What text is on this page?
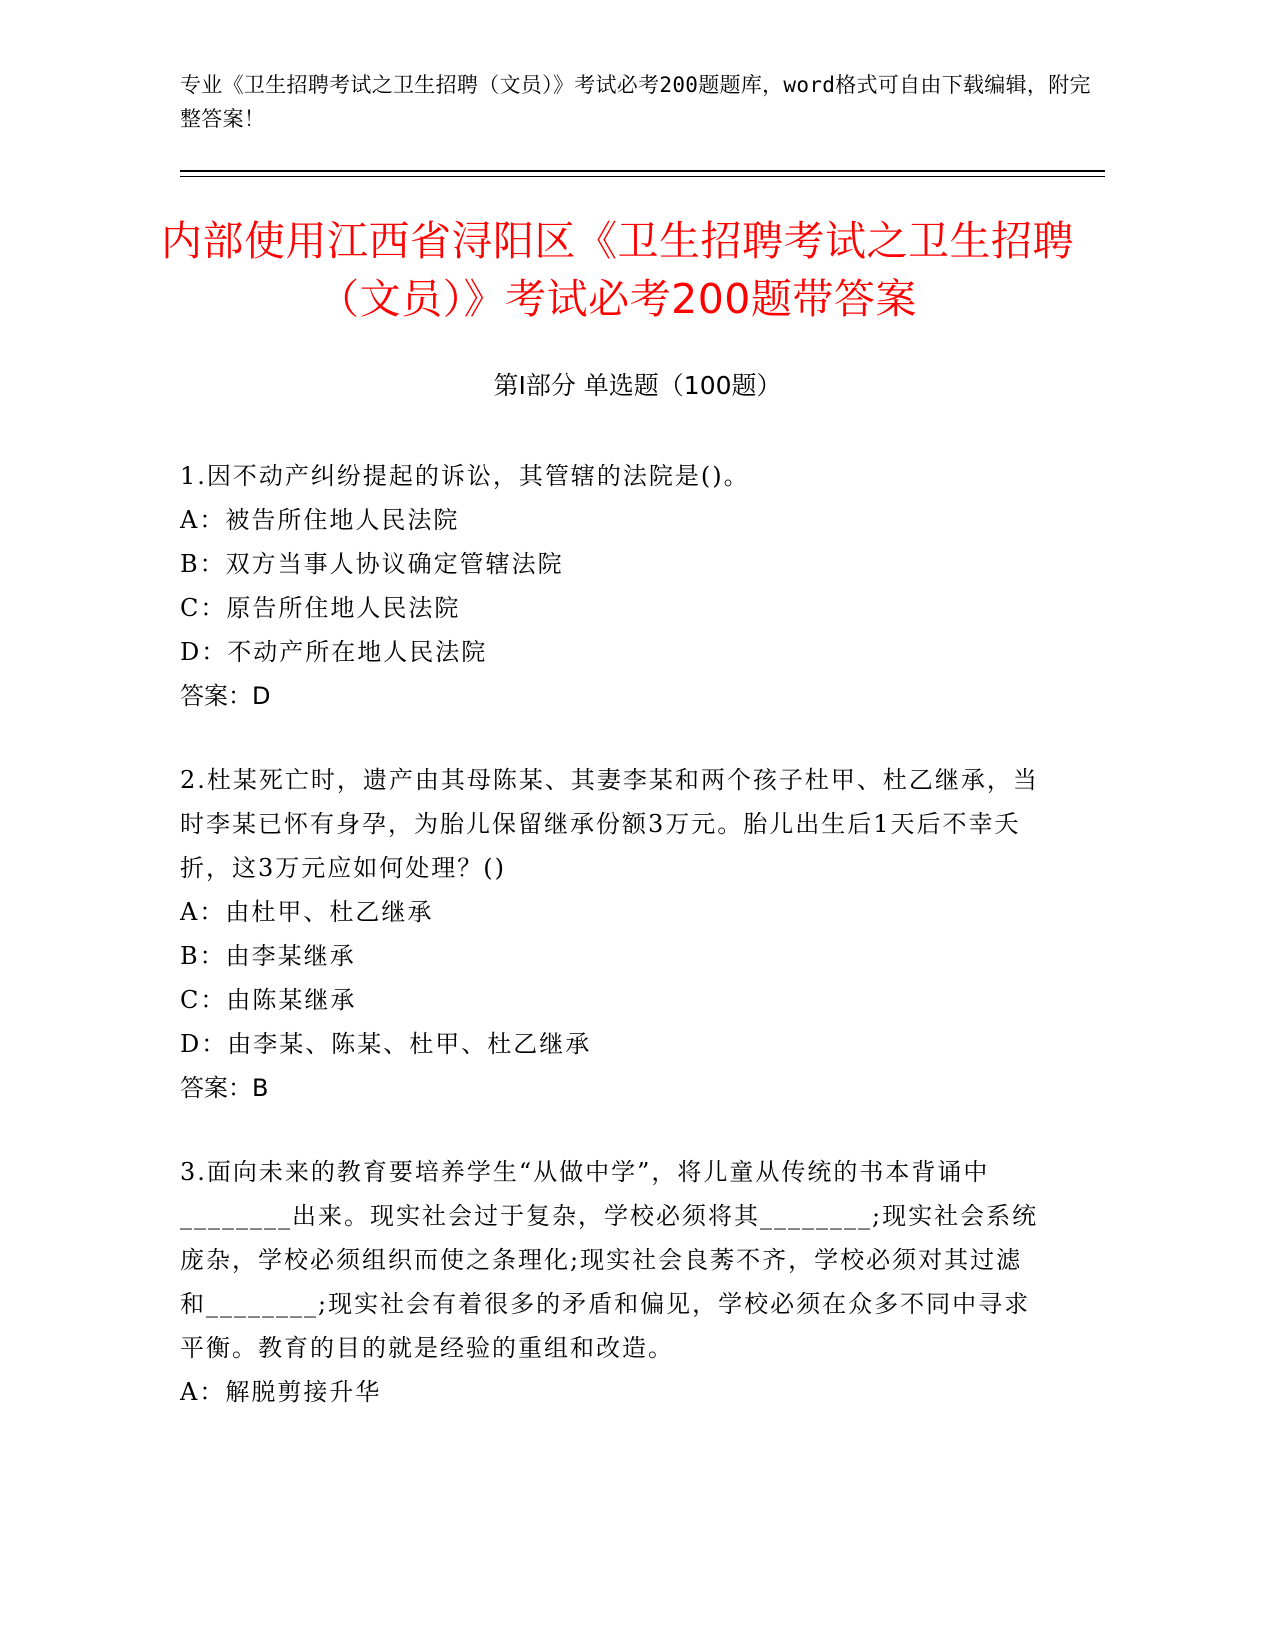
专业《卫生招聘考试之卫生招聘（文员）》考试必考200题题库，word格式可自由下载编辑，附完整答案！
内部使用江西省浔阳区《卫生招聘考试之卫生招聘（文员）》考试必考200题带答案
第Ⅰ部分 单选题（100题）
1.因不动产纠纷提起的诉讼，其管辖的法院是()。
A：被告所住地人民法院
B：双方当事人协议确定管辖法院
C：原告所住地人民法院
D：不动产所在地人民法院
答案：D
2.杜某死亡时，遗产由其母陈某、其妻李某和两个孩子杜甲、杜乙继承，当时李某已怀有身孕，为胎儿保留继承份额3万元。胎儿出生后1天后不幸夭折，这3万元应如何处理？()
A：由杜甲、杜乙继承
B：由李某继承
C：由陈某继承
D：由李某、陈某、杜甲、杜乙继承
答案：B
3.面向未来的教育要培养学生“从做中学”，将儿童从传统的书本背诵中________出来。现实社会过于复杂，学校必须将其________;现实社会系统庞杂，学校必须组织而使之条理化;现实社会良莠不齐，学校必须对其过滤和________;现实社会有着很多的矛盾和偏见，学校必须在众多不同中寻求平衡。教育的目的就是经验的重组和改造。
A：解脱剪接升华
